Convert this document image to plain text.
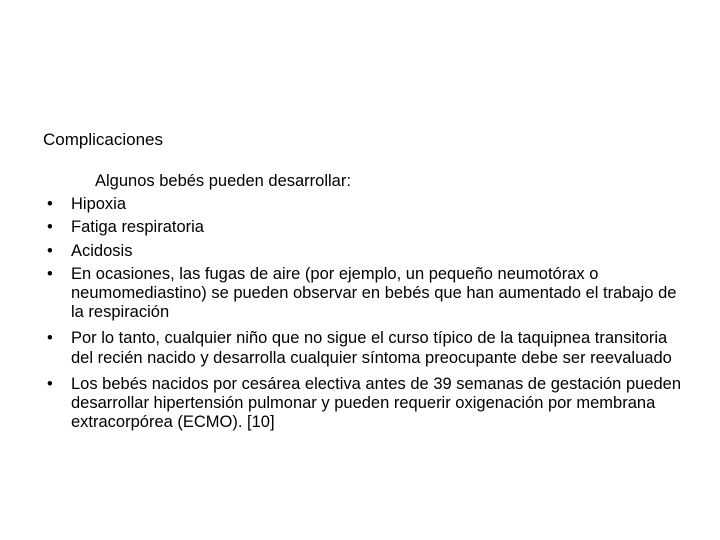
Complicaciones
Algunos bebés pueden desarrollar:
•	Hipoxia
•	Fatiga respiratoria
•	Acidosis
•	En ocasiones, las fugas de aire (por ejemplo, un pequeño neumotórax o neumomediastino) se pueden observar en bebés que han aumentado el trabajo de la respiración
•	Por lo tanto, cualquier niño que no sigue el curso típico de la taquipnea transitoria del recién nacido y desarrolla cualquier síntoma preocupante debe ser reevaluado
•	Los bebés nacidos por cesárea electiva antes de 39 semanas de gestación pueden desarrollar hipertensión pulmonar y pueden requerir oxigenación por membrana extracorpórea (ECMO). [10]
